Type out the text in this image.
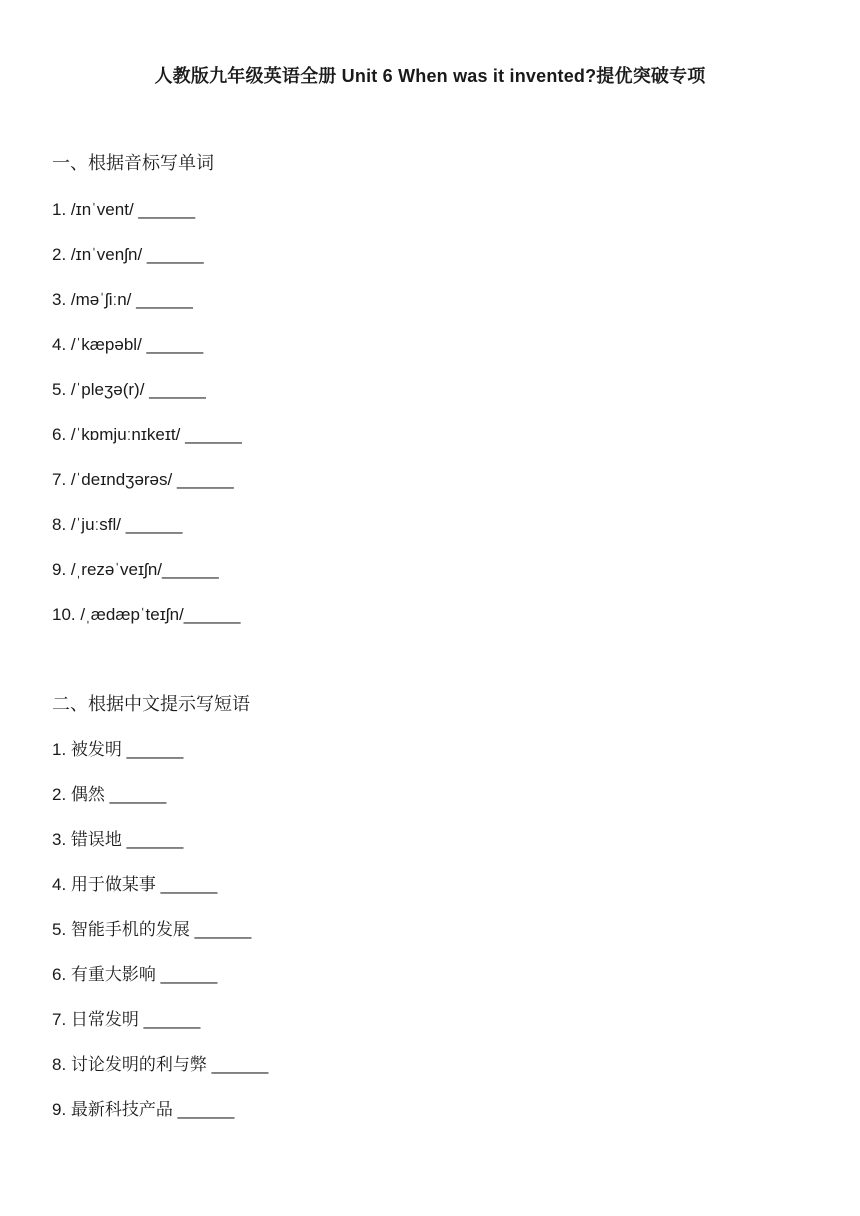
人教版九年级英语全册 Unit 6 When was it invented?提优突破专项
一、根据音标写单词
1. /ɪnˈvent/ ______
2. /ɪnˈvenʃn/ ______
3. /məˈʃiːn/ ______
4. /ˈkæpəbl/ ______
5. /ˈpleʒə(r)/ ______
6. /ˈkɒmjuːnɪkeɪt/ ______
7. /ˈdeɪndʒərəs/ ______
8. /ˈjuːsfl/ ______
9. /ˌrezəˈveɪʃn/______
10. /ˌædæpˈteɪʃn/______
二、根据中文提示写短语
1. 被发明 ______
2. 偶然 ______
3. 错误地 ______
4. 用于做某事 ______
5. 智能手机的发展 ______
6. 有重大影响 ______
7. 日常发明 ______
8. 讨论发明的利与弊 ______
9. 最新科技产品 ______
